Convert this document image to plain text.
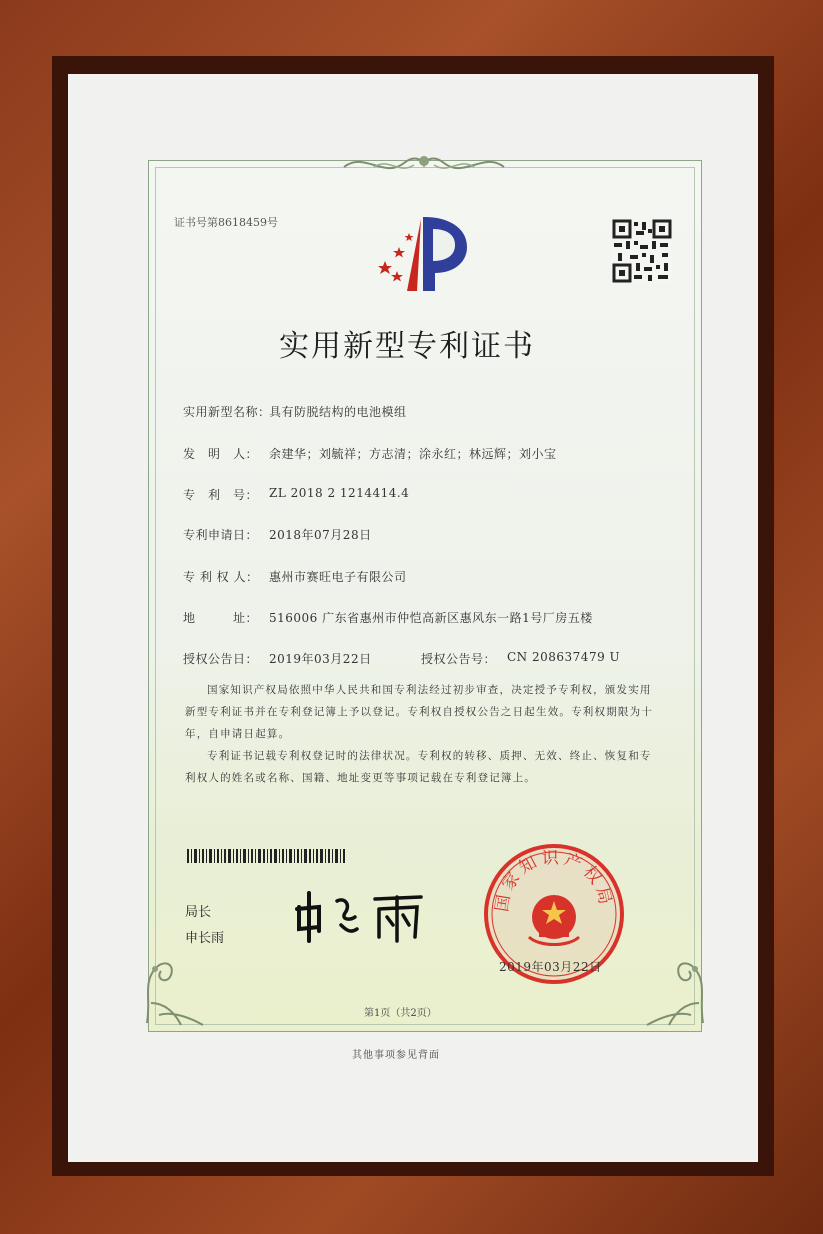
证书号第8618459号
实用新型专利证书
实用新型名称：
具有防脱结构的电池模组
发　明　人： 余建华；刘毓祥；方志清；涂永红；林远辉；刘小宝
专　利　号： ZL 2018 2 1214414.4
专利申请日： 2018年07月28日
专 利 权 人： 惠州市赛旺电子有限公司
地　　　址： 516006 广东省惠州市仲恺高新区惠风东一路1号厂房五楼
授权公告日： 2019年03月22日	授权公告号： CN 208637479 U
国家知识产权局依照中华人民共和国专利法经过初步审查，决定授予专利权，颁发实用
新型专利证书并在专利登记簿上予以登记。专利权自授权公告之日起生效。专利权期限为十
年，自申请日起算。
专利证书记载专利权登记时的法律状况。专利权的转移、质押、无效、终止、恢复和专
利权人的姓名或名称、国籍、地址变更等事项记载在专利登记簿上。
局长
申长雨
国家知识产权局
2019年03月22日
第1页（共2页）
其他事项参见背面
